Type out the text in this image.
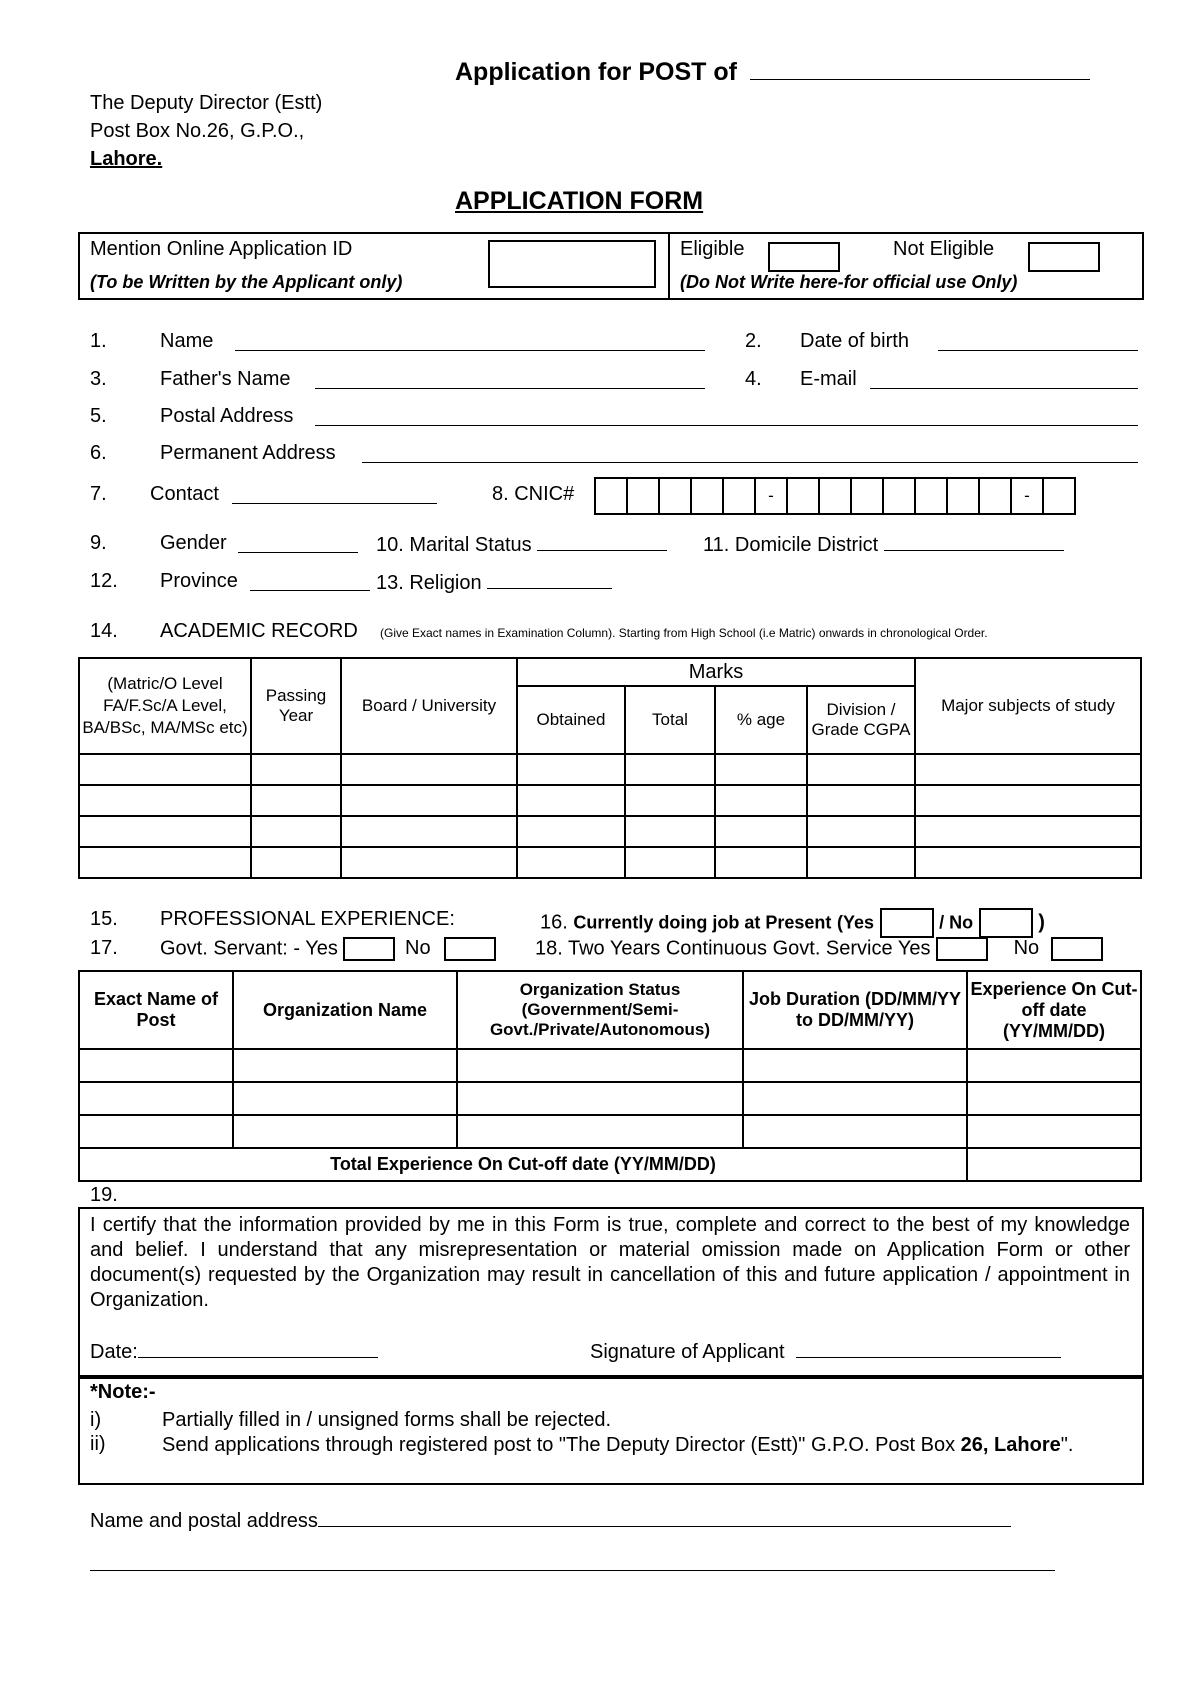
Application for POST of
The Deputy Director (Estt)
Post Box No.26, G.P.O.,
Lahore.
APPLICATION FORM
Mention Online Application ID
(To be Written by the Applicant only)
Eligible	Not Eligible
(Do Not Write here-for official use Only)
1.	Name	2. Date of birth
3.	Father's Name	4. E-mail
5.	Postal Address
6.	Permanent Address
7. Contact	8. CNIC#
						-								-	
9.	Gender	10. Marital Status	11. Domicile District
12. Province	13. Religion
14. ACADEMIC RECORD (Give Exact names in Examination Column). Starting from High School (i.e Matric) onwards in chronological Order.
(Matric/O Level FA/F.Sc/A Level, BA/BSc, MA/MSc etc)	Passing Year	Board / University	Marks				Major subjects of study
			Obtained	Total	% age	Division / Grade CGPA	

15. PROFESSIONAL EXPERIENCE:	16. Currently doing job at Present (Yes	/ No	)
17. Govt. Servant: - Yes	No	18. Two Years Continuous Govt. Service Yes	No
Exact Name of Post	Organization Name	Organization Status (Government/Semi-Govt./Private/Autonomous)	Job Duration (DD/MM/YY to DD/MM/YY)	Experience On Cut-off date (YY/MM/DD)

Total Experience On Cut-off date (YY/MM/DD)				
19.
I certify that the information provided by me in this Form is true, complete and correct to the best of my knowledge and belief. I understand that any misrepresentation or material omission made on Application Form or other document(s) requested by the Organization may result in cancellation of this and future application / appointment in Organization.
Date:	Signature of Applicant
*Note:-
i)	Partially filled in / unsigned forms shall be rejected.
ii)	Send applications through registered post to "The Deputy Director (Estt)" G.P.O. Post Box 26, Lahore".
Name and postal address
